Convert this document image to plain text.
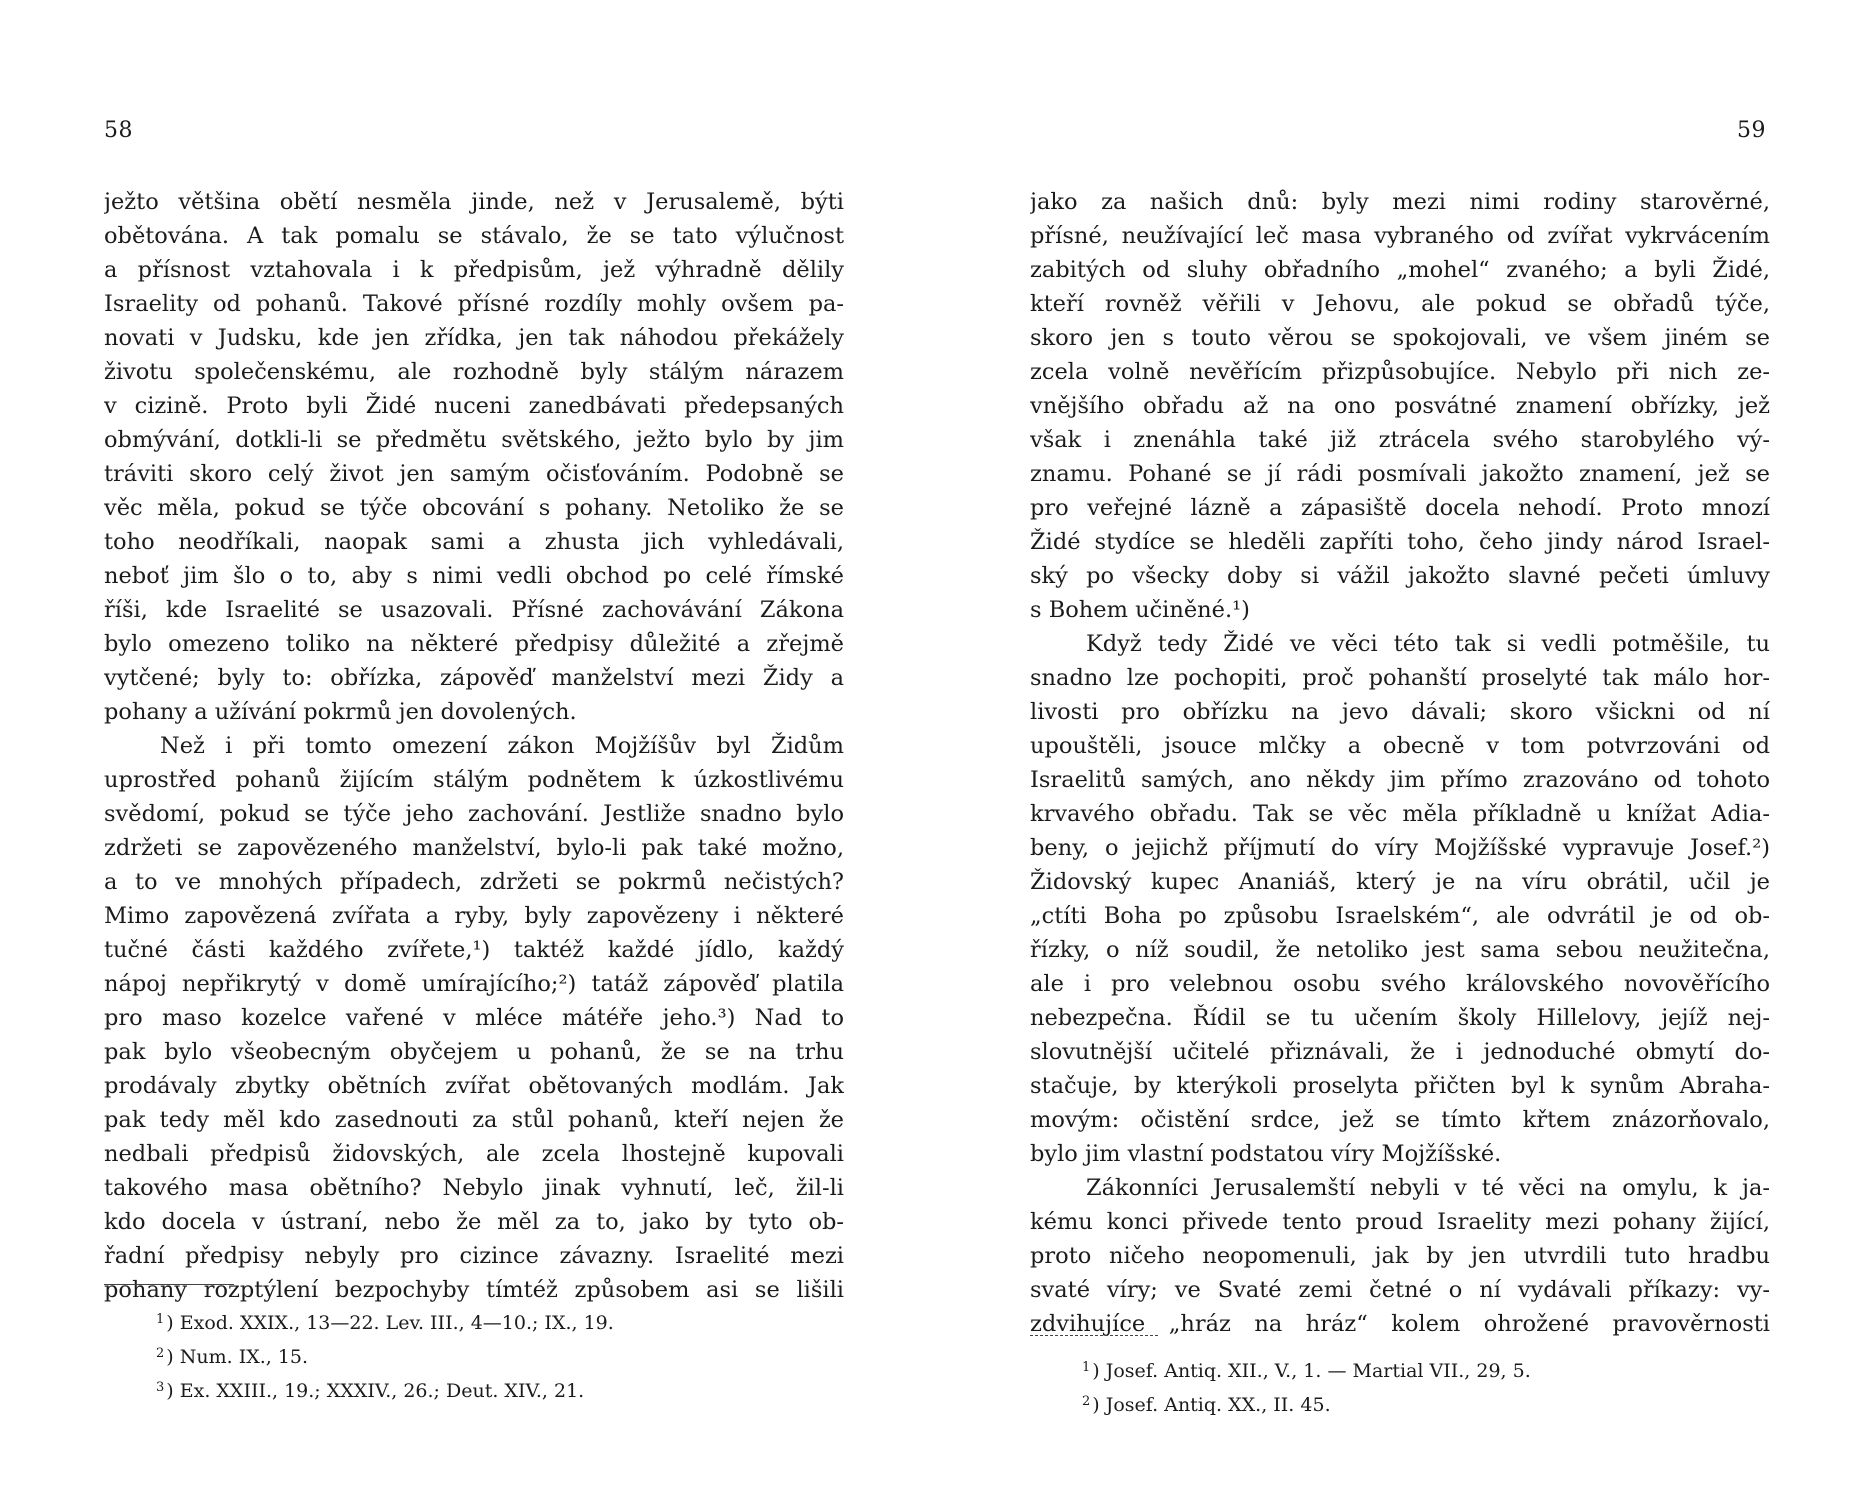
58
ježto většina obětí nesměla jinde, než v Jerusalemě, býti
obětována. A tak pomalu se stávalo, že se tato výlučnost
a přísnost vztahovala i k předpisům, jež výhradně dělily
Israelity od pohanů. Takové přísné rozdíly mohly ovšem pa-
novati v Judsku, kde jen zřídka, jen tak náhodou překážely
životu společenskému, ale rozhodně byly stálým nárazem
v cizině. Proto byli Židé nuceni zanedbávati předepsaných
obmývání, dotkli-li se předmětu světského, ježto bylo by jim
tráviti skoro celý život jen samým očisťováním. Podobně se
věc měla, pokud se týče obcování s pohany. Netoliko že se
toho neodříkali, naopak sami a zhusta jich vyhledávali,
neboť jim šlo o to, aby s nimi vedli obchod po celé římské
říši, kde Israelité se usazovali. Přísné zachovávání Zákona
bylo omezeno toliko na některé předpisy důležité a zřejmě
vytčené; byly to: obřízka, zápověď manželství mezi Židy a
pohany a užívání pokrmů jen dovolených.
Než i při tomto omezení zákon Mojžíšův byl Židům
uprostřed pohanů žijícím stálým podnětem k úzkostlivému
svědomí, pokud se týče jeho zachování. Jestliže snadno bylo
zdržeti se zapovězeného manželství, bylo-li pak také možno,
a to ve mnohých případech, zdržeti se pokrmů nečistých?
Mimo zapovězená zvířata a ryby, byly zapovězeny i některé
tučné části každého zvířete,¹) taktéž každé jídlo, každý
nápoj nepřikrytý v domě umírajícího;²) tatáž zápověď platila
pro maso kozelce vařené v mléce mátéře jeho.³) Nad to
pak bylo všeobecným obyčejem u pohanů, že se na trhu
prodávaly zbytky obětních zvířat obětovaných modlám. Jak
pak tedy měl kdo zasednouti za stůl pohanů, kteří nejen že
nedbali předpisů židovských, ale zcela lhostejně kupovali
takového masa obětního? Nebylo jinak vyhnutí, leč, žil-li
kdo docela v ústraní, nebo že měl za to, jako by tyto ob-
řadní předpisy nebyly pro cizince závazny. Israelité mezi
pohany rozptýlení bezpochyby tímtéž způsobem asi se lišili
$^1$ ) Exod. XXIX., 13—22. Lev. III., 4—10.; IX., 19.
$^2$ ) Num. IX., 15.
$^3$ ) Ex. XXIII., 19.; XXXIV., 26.; Deut. XIV., 21.
59
jako za našich dnů: byly mezi nimi rodiny starověrné,
přísné, neužívající leč masa vybraného od zvířat vykrvácením
zabitých od sluhy obřadního „mohel“ zvaného; a byli Židé,
kteří rovněž věřili v Jehovu, ale pokud se obřadů týče,
skoro jen s touto věrou se spokojovali, ve všem jiném se
zcela volně nevěřícím přizpůsobujíce. Nebylo při nich ze-
vnějšího obřadu až na ono posvátné znamení obřízky, jež
však i znenáhla také již ztrácela svého starobylého vý-
znamu. Pohané se jí rádi posmívali jakožto znamení, jež se
pro veřejné lázně a zápasiště docela nehodí. Proto mnozí
Židé stydíce se hleděli zapříti toho, čeho jindy národ Israel-
ský po všecky doby si vážil jakožto slavné pečeti úmluvy
s Bohem učiněné.¹)
Když tedy Židé ve věci této tak si vedli potměšile, tu
snadno lze pochopiti, proč pohanští proselyté tak málo hor-
livosti pro obřízku na jevo dávali; skoro všickni od ní
upouštěli, jsouce mlčky a obecně v tom potvrzováni od
Israelitů samých, ano někdy jim přímo zrazováno od tohoto
krvavého obřadu. Tak se věc měla příkladně u knížat Adia-
beny, o jejichž příjmutí do víry Mojžíšské vypravuje Josef.²)
Židovský kupec Ananiáš, který je na víru obrátil, učil je
„ctíti Boha po způsobu Israelském“, ale odvrátil je od ob-
řízky, o níž soudil, že netoliko jest sama sebou neužitečna,
ale i pro velebnou osobu svého královského novověřícího
nebezpečna. Řídil se tu učením školy Hillelovy, jejíž nej-
slovutnější učitelé přiznávali, že i jednoduché obmytí do-
stačuje, by kterýkoli proselyta přičten byl k synům Abraha-
movým: očistění srdce, jež se tímto křtem znázorňovalo,
bylo jim vlastní podstatou víry Mojžíšské.
Zákonníci Jerusalemští nebyli v té věci na omylu, k ja-
kému konci přivede tento proud Israelity mezi pohany žijící,
proto ničeho neopomenuli, jak by jen utvrdili tuto hradbu
svaté víry; ve Svaté zemi četné o ní vydávali příkazy: vy-
zdvihujíce „hráz na hráz“ kolem ohrožené pravověrnosti
$^1$ ) Josef. Antiq. XII., V., 1. — Martial VII., 29, 5.
$^2$ ) Josef. Antiq. XX., II. 45.
